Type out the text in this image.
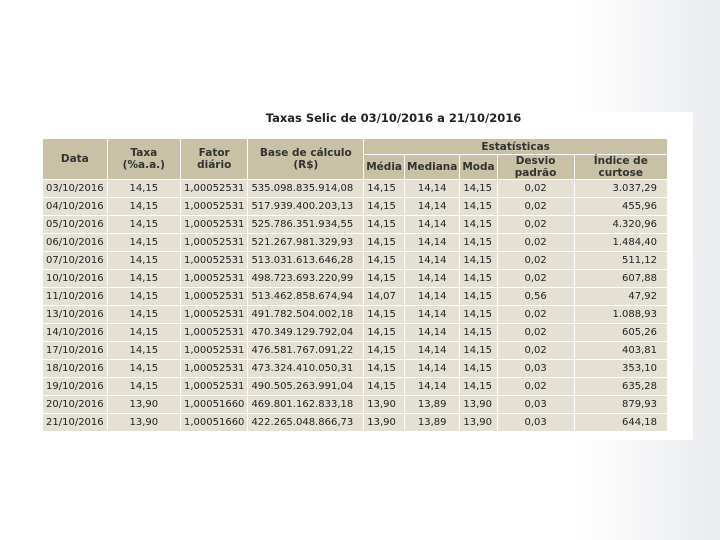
Taxas Selic de 03/10/2016 a 21/10/2016
Data	Taxa (%a.a.)	Fator diário	Base de cálculo (R$)	Estatísticas				
				Média	Mediana	Moda	Desvio padrão	Índice de curtose
03/10/2016	14,15	1,00052531	535.098.835.914,08	14,15	14,14	14,15	0,02	3.037,29
04/10/2016	14,15	1,00052531	517.939.400.203,13	14,15	14,14	14,15	0,02	455,96
05/10/2016	14,15	1,00052531	525.786.351.934,55	14,15	14,14	14,15	0,02	4.320,96
06/10/2016	14,15	1,00052531	521.267.981.329,93	14,15	14,14	14,15	0,02	1.484,40
07/10/2016	14,15	1,00052531	513.031.613.646,28	14,15	14,14	14,15	0,02	511,12
10/10/2016	14,15	1,00052531	498.723.693.220,99	14,15	14,14	14,15	0,02	607,88
11/10/2016	14,15	1,00052531	513.462.858.674,94	14,07	14,14	14,15	0,56	47,92
13/10/2016	14,15	1,00052531	491.782.504.002,18	14,15	14,14	14,15	0,02	1.088,93
14/10/2016	14,15	1,00052531	470.349.129.792,04	14,15	14,14	14,15	0,02	605,26
17/10/2016	14,15	1,00052531	476.581.767.091,22	14,15	14,14	14,15	0,02	403,81
18/10/2016	14,15	1,00052531	473.324.410.050,31	14,15	14,14	14,15	0,03	353,10
19/10/2016	14,15	1,00052531	490.505.263.991,04	14,15	14,14	14,15	0,02	635,28
20/10/2016	13,90	1,00051660	469.801.162.833,18	13,90	13,89	13,90	0,03	879,93
21/10/2016	13,90	1,00051660	422.265.048.866,73	13,90	13,89	13,90	0,03	644,18
